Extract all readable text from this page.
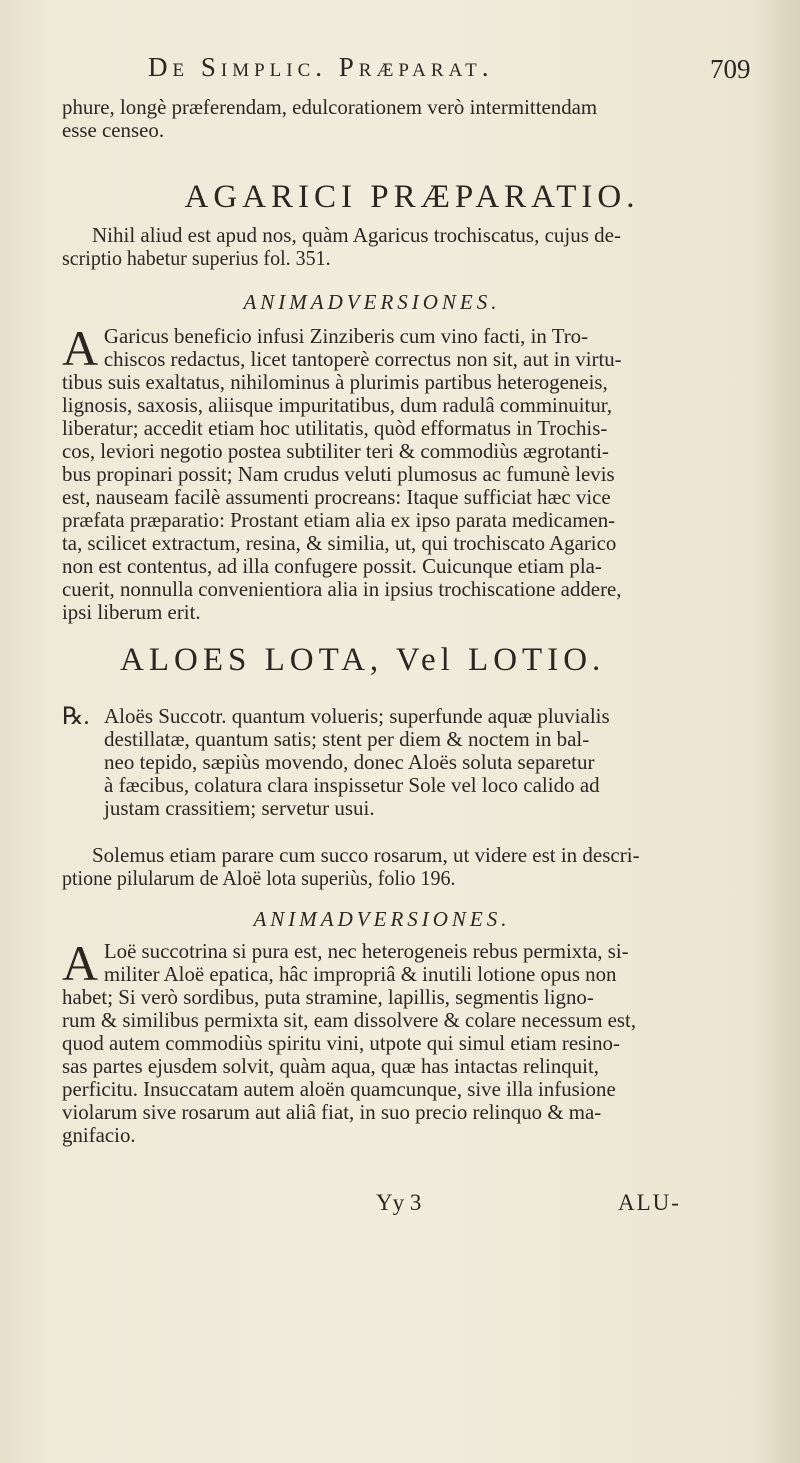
De Simplic. Præparat.	709

phure, longè præferendam, edulcorationem verò intermittendam
esse censeo.

AGARICI PRÆPARATIO.

Nihil aliud est apud nos, quàm Agaricus trochiscatus, cujus de-
scriptio habetur superius fol. 351.

ANIMADVERSIONES.

A Garicus beneficio infusi Zinziberis cum vino facti, in Tro-
chiscos redactus, licet tantoperè correctus non sit, aut in virtu-
tibus suis exaltatus, nihilominus à plurimis partibus heterogeneis,
lignosis, saxosis, aliisque impuritatibus, dum radulâ comminuitur,
liberatur; accedit etiam hoc utilitatis, quòd efformatus in Trochis-
cos, leviori negotio postea subtiliter teri & commodiùs ægrotanti-
bus propinari possit; Nam crudus veluti plumosus ac fumunè levis
est, nauseam facilè assumenti procreans: Itaque sufficiat hæc vice
præfata præparatio: Prostant etiam alia ex ipso parata medicamen-
ta, scilicet extractum, resina, & similia, ut, qui trochiscato Agarico
non est contentus, ad illa confugere possit. Cuicunque etiam pla-
cuerit, nonnulla convenientiora alia in ipsius trochiscatione addere,
ipsi liberum erit.

ALOES LOTA, Vel LOTIO.
℞. Aloës Succotr. quantum volueris; superfunde aquæ pluvialis
destillatæ, quantum satis; stent per diem & noctem in bal-
neo tepido, sæpiùs movendo, donec Aloës soluta separetur
à fæcibus, colatura clara inspissetur Sole vel loco calido ad
justam crassitiem; servetur usui.

Solemus etiam parare cum succo rosarum, ut videre est in descri-
ptione pilularum de Aloë lota superiùs, folio 196.

ANIMADVERSIONES.

A Loë succotrina si pura est, nec heterogeneis rebus permixta, si-
militer Aloë epatica, hâc impropriâ & inutili lotione opus non
habet; Si verò sordibus, puta stramine, lapillis, segmentis ligno-
rum & similibus permixta sit, eam dissolvere & colare necessum est,
quod autem commodiùs spiritu vini, utpote qui simul etiam resino-
sas partes ejusdem solvit, quàm aqua, quæ has intactas relinquit,
perficitu. Insuccatam autem aloën quamcunque, sive illa infusione
violarum sive rosarum aut aliâ fiat, in suo precio relinquo & ma-
gnifacio.

Yy 3	ALU-
